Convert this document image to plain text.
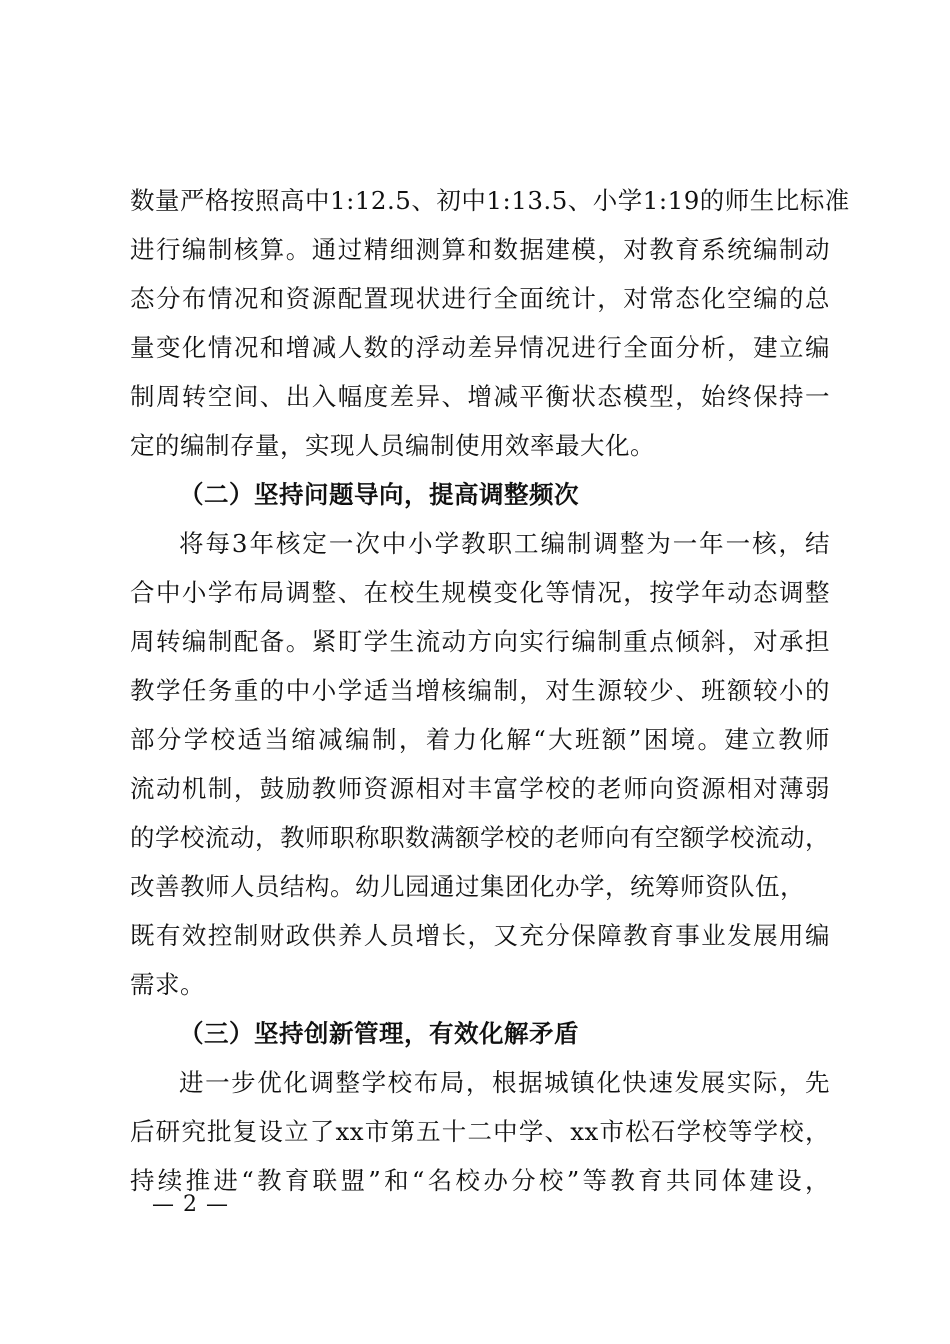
数量严格按照高中1:12.5、初中1:13.5、小学1:19的师生比标准
进行编制核算。通过精细测算和数据建模，对教育系统编制动
态分布情况和资源配置现状进行全面统计，对常态化空编的总
量变化情况和增减人数的浮动差异情况进行全面分析，建立编
制周转空间、出入幅度差异、增减平衡状态模型，始终保持一
定的编制存量，实现人员编制使用效率最大化。
（二）坚持问题导向，提高调整频次
将每3年核定一次中小学教职工编制调整为一年一核，结
合中小学布局调整、在校生规模变化等情况，按学年动态调整
周转编制配备。紧盯学生流动方向实行编制重点倾斜，对承担
教学任务重的中小学适当增核编制，对生源较少、班额较小的
部分学校适当缩减编制，着力化解“大班额”困境。建立教师
流动机制，鼓励教师资源相对丰富学校的老师向资源相对薄弱
的学校流动，教师职称职数满额学校的老师向有空额学校流动，
改善教师人员结构。幼儿园通过集团化办学，统筹师资队伍，
既有效控制财政供养人员增长，又充分保障教育事业发展用编
需求。
（三）坚持创新管理，有效化解矛盾
进一步优化调整学校布局，根据城镇化快速发展实际，先
后研究批复设立了xx市第五十二中学、xx市松石学校等学校，
持续推进“教育联盟”和“名校办分校”等教育共同体建设，
— 2 —
